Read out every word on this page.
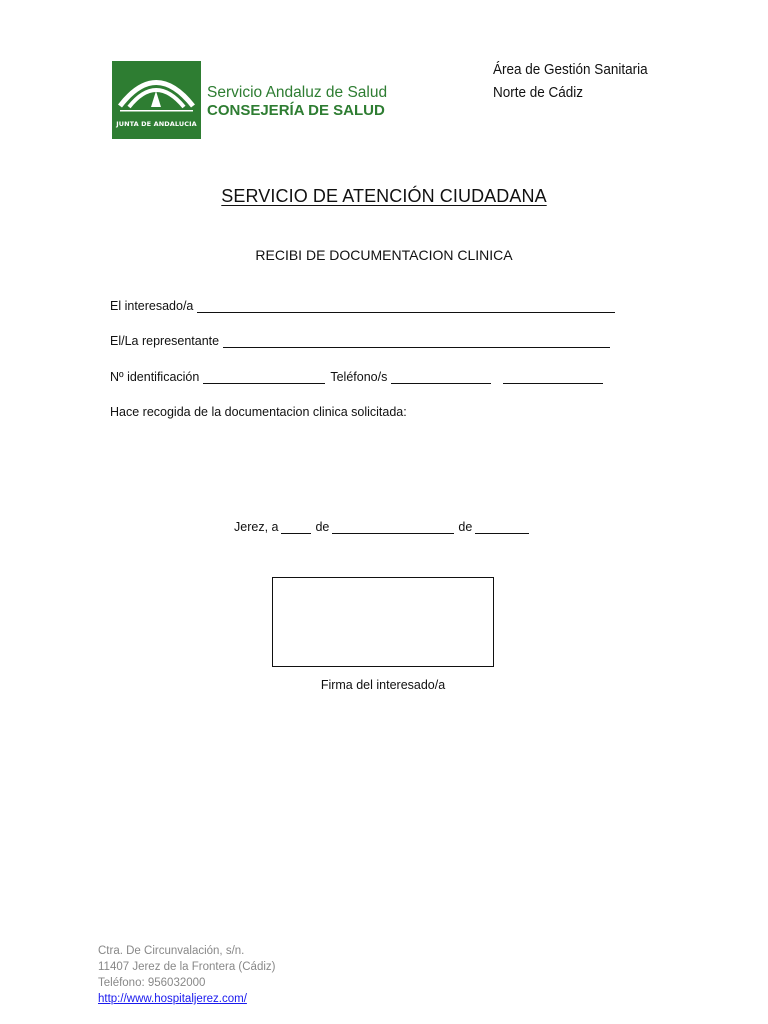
JUNTA DE ANDALUCIA
Servicio Andaluz de Salud
CONSEJERÍA DE SALUD
Área de Gestión Sanitaria
Norte de Cádiz
SERVICIO DE ATENCIÓN CIUDADANA
RECIBI DE DOCUMENTACION CLINICA
El interesado/a
El/La representante
Nº identificación	Teléfono/s
Hace recogida de la documentacion clinica solicitada:
Jerez, a	de	de
Firma del interesado/a
Ctra. De Circunvalación, s/n.
11407 Jerez de la Frontera (Cádiz)
Teléfono: 956032000
http://www.hospitaljerez.com/
